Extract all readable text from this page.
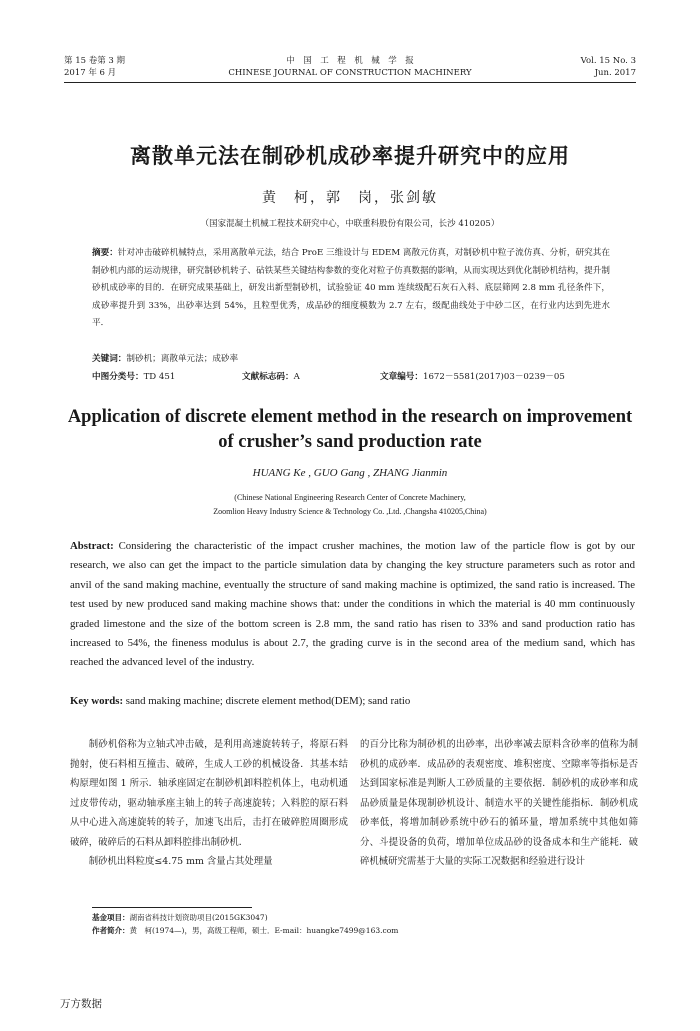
第 15 卷第 3 期
2017 年 6 月
中　国　工　程　机　械　学　报
CHINESE JOURNAL OF CONSTRUCTION MACHINERY
Vol. 15 No. 3
Jun. 2017
离散单元法在制砂机成砂率提升研究中的应用
黄　柯，郭　岗，张剑敏
（国家混凝土机械工程技术研究中心，中联重科股份有限公司，长沙 410205）
摘要：针对冲击破碎机械特点，采用离散单元法，结合 ProE 三维设计与 EDEM 离散元仿真，对制砂机中粒子流仿真、分析，研究其在制砂机内部的运动规律，研究制砂机转子、砧铁某些关键结构参数的变化对粒子仿真数据的影响，从而实现达到优化制砂机结构，提升制砂机成砂率的目的．在研究成果基础上，研发出新型制砂机，试验验证 40 mm 连续级配石灰石入料、底层筛网 2.8 mm 孔径条件下，成砂率提升到 33%，出砂率达到 54%，且粒型优秀，成品砂的细度模数为 2.7 左右，级配曲线处于中砂二区，在行业内达到先进水平．
关键词：制砂机；离散单元法；成砂率
中图分类号：TD 451	文献标志码：A	文章编号：1672－5581(2017)03－0239－05
Application of discrete element method in the research on improvement of crusher’s sand production rate
HUANG Ke , GUO Gang , ZHANG Jianmin
(Chinese National Engineering Research Center of Concrete Machinery,
Zoomlion Heavy Industry Science & Technology Co. ,Ltd. ,Changsha 410205,China)
Abstract: Considering the characteristic of the impact crusher machines, the motion law of the particle flow is got by our research, we also can get the impact to the particle simulation data by changing the key structure parameters such as rotor and anvil of the sand making machine, eventually the structure of sand making machine is optimized, the sand ratio is increased. The test used by new produced sand making machine shows that: under the conditions in which the material is 40 mm continuously graded limestone and the size of the bottom screen is 2.8 mm, the sand ratio has risen to 33% and sand production ratio has increased to 54%, the fineness modulus is about 2.7, the grading curve is in the second area of the medium sand, which has reached the advanced level of the industry.
Key words: sand making machine; discrete element method(DEM); sand ratio

制砂机俗称为立轴式冲击破，是利用高速旋转转子，将原石料抛射，使石料相互撞击、破碎，生成人工砂的机械设备．其基本结构原理如图 1 所示．轴承座固定在制砂机卸料腔机体上，电动机通过皮带传动，驱动轴承座主轴上的转子高速旋转；入料腔的原石料从中心进入高速旋转的转子，加速飞出后，击打在破碎腔周圈形成破碎，破碎后的石料从卸料腔排出制砂机．

制砂机出料粒度≤4.75 mm 含量占其处理量

的百分比称为制砂机的出砂率，出砂率减去原料含砂率的值称为制砂机的成砂率．成品砂的表观密度、堆积密度、空隙率等指标是否达到国家标准是判断人工砂质量的主要依据．制砂机的成砂率和成品砂质量是体现制砂机设计、制造水平的关键性能指标．制砂机成砂率低，将增加制砂系统中砂石的循环量，增加系统中其他如筛分、斗提设备的负荷，增加单位成品砂的设备成本和生产能耗．破碎机械研究需基于大量的实际工况数据和经验进行设计

基金项目：湖南省科技计划资助项目(2015GK3047)
作者简介：黄　柯(1974—)，男，高级工程师，硕士．E-mail：huangke7499@163.com
万方数据
